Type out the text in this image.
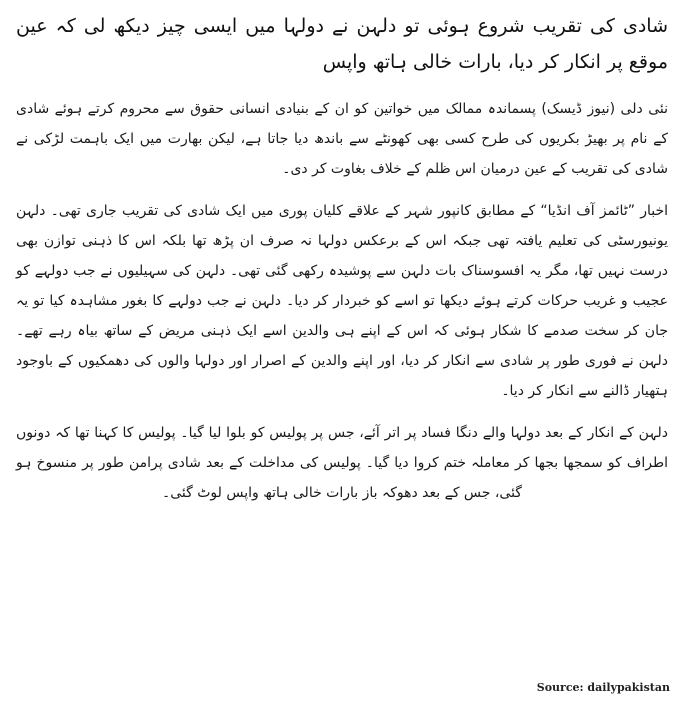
شادی کی تقریب شروع ہوئی تو دلہن نے دولہا میں ایسی چیز دیکھ لی کہ عین موقع پر انکار کر دیا، بارات خالی ہاتھ واپس

نئی دلی (نیوز ڈیسک) پسماندہ ممالک میں خواتین کو ان کے بنیادی انسانی حقوق سے محروم کرتے ہوئے شادی کے نام پر بھیڑ بکریوں کی طرح کسی بھی کھونٹے سے باندھ دیا جاتا ہے، لیکن بھارت میں ایک باہمت لڑکی نے شادی کی تقریب کے عین درمیان اس ظلم کے خلاف بغاوت کر دی۔

اخبار ”ٹائمز آف انڈیا“ کے مطابق کانپور شہر کے علاقے کلیان پوری میں ایک شادی کی تقریب جاری تھی۔ دلہن یونیورسٹی کی تعلیم یافتہ تھی جبکہ اس کے برعکس دولہا نہ صرف ان پڑھ تھا بلکہ اس کا ذہنی توازن بھی درست نہیں تھا، مگر یہ افسوسناک بات دلہن سے پوشیدہ رکھی گئی تھی۔ دلہن کی سہیلیوں نے جب دولہے کو عجیب و غریب حرکات کرتے ہوئے دیکھا تو اسے کو خبردار کر دیا۔ دلہن نے جب دولہے کا بغور مشاہدہ کیا تو یہ جان کر سخت صدمے کا شکار ہوئی کہ اس کے اپنے ہی والدین اسے ایک ذہنی مریض کے ساتھ بیاہ رہے تھے۔ دلہن نے فوری طور پر شادی سے انکار کر دیا، اور اپنے والدین کے اصرار اور دولہا والوں کی دھمکیوں کے باوجود ہتھیار ڈالنے سے انکار کر دیا۔

دلہن کے انکار کے بعد دولہا والے دنگا فساد پر اتر آئے، جس پر پولیس کو بلوا لیا گیا۔ پولیس کا کہنا تھا کہ دونوں اطراف کو سمجھا بجھا کر معاملہ ختم کروا دیا گیا۔ پولیس کی مداخلت کے بعد شادی پرامن طور پر منسوخ ہو گئی، جس کے بعد دھوکہ باز بارات خالی ہاتھ واپس لوٹ گئی۔

Source: dailypakistan
